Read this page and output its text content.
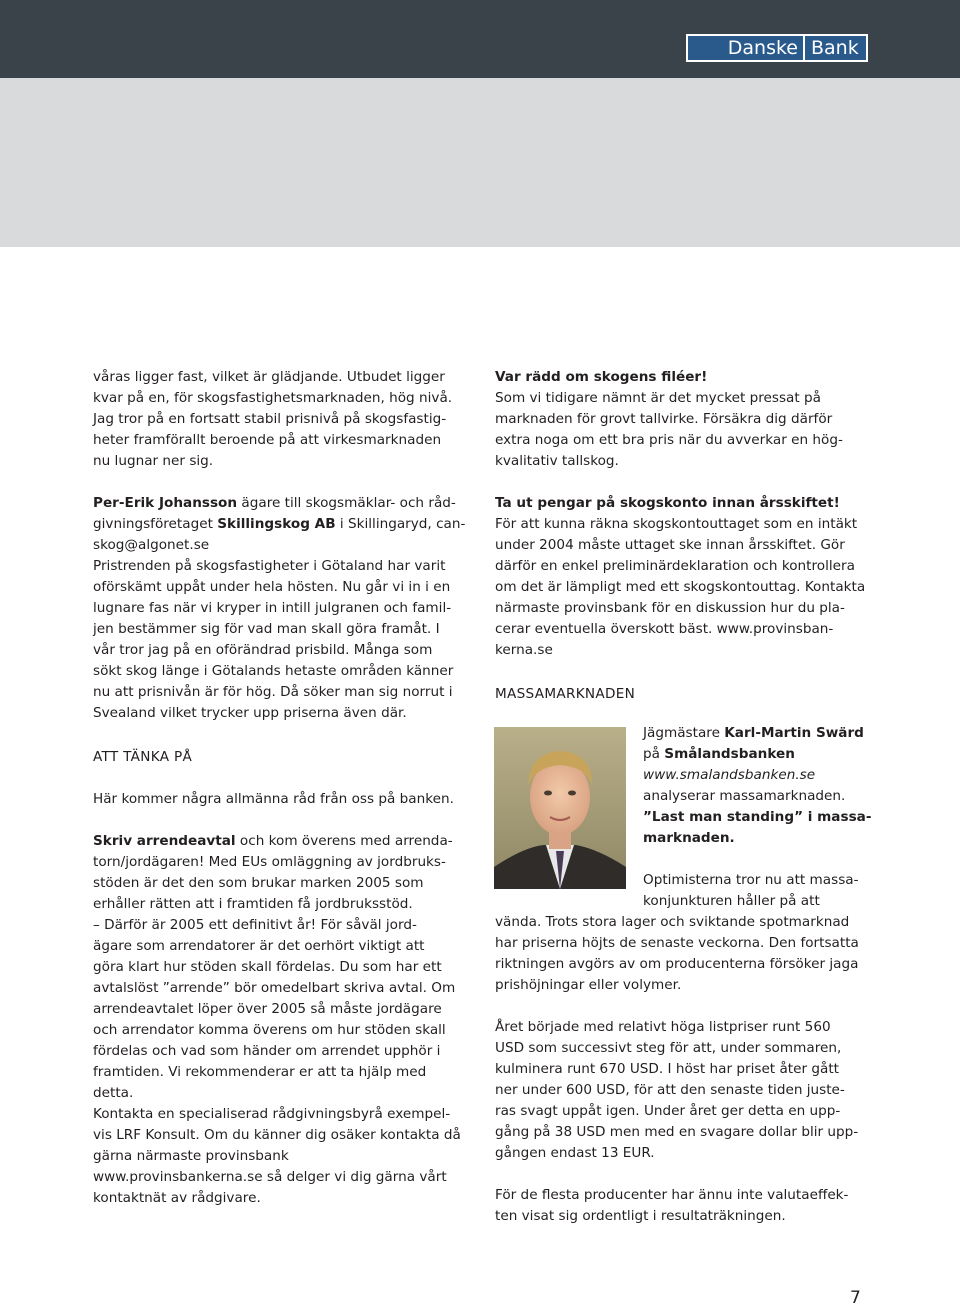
Danske Bank

våras ligger fast, vilket är glädjande. Utbudet ligger
kvar på en, för skogsfastighetsmarknaden, hög nivå.
Jag tror på en fortsatt stabil prisnivå på skogsfastig-
heter framförallt beroende på att virkesmarknaden
nu lugnar ner sig.

Per-Erik Johansson ägare till skogsmäklar- och råd-
givningsföretaget Skillingskog AB i Skillingaryd, can-
skog@algonet.se
Pristrenden på skogsfastigheter i Götaland har varit
oförskämt uppåt under hela hösten. Nu går vi in i en
lugnare fas när vi kryper in intill julgranen och famil-
jen bestämmer sig för vad man skall göra framåt. I
vår tror jag på en oförändrad prisbild. Många som
sökt skog länge i Götalands hetaste områden känner
nu att prisnivån är för hög. Då söker man sig norrut i
Svealand vilket trycker upp priserna även där.

ATT TÄNKA PÅ

Här kommer några allmänna råd från oss på banken.

Skriv arrendeavtal och kom överens med arrenda-
torn/jordägaren! Med EUs omläggning av jordbruks-
stöden är det den som brukar marken 2005 som
erhåller rätten att i framtiden få jordbruksstöd.
– Därför är 2005 ett definitivt år! För såväl jord-
ägare som arrendatorer är det oerhört viktigt att
göra klart hur stöden skall fördelas. Du som har ett
avtalslöst ”arrende” bör omedelbart skriva avtal. Om
arrendeavtalet löper över 2005 så måste jordägare
och arrendator komma överens om hur stöden skall
fördelas och vad som händer om arrendet upphör i
framtiden. Vi rekommenderar er att ta hjälp med
detta.
Kontakta en specialiserad rådgivningsbyrå exempel-
vis LRF Konsult. Om du känner dig osäker kontakta då
gärna närmaste provinsbank
www.provinsbankerna.se så delger vi dig gärna vårt
kontaktnät av rådgivare.

Var rädd om skogens filéer!
Som vi tidigare nämnt är det mycket pressat på
marknaden för grovt tallvirke. Försäkra dig därför
extra noga om ett bra pris när du avverkar en hög-
kvalitativ tallskog.

Ta ut pengar på skogskonto innan årsskiftet!
För att kunna räkna skogskontouttaget som en intäkt
under 2004 måste uttaget ske innan årsskiftet. Gör
därför en enkel preliminärdeklaration och kontrollera
om det är lämpligt med ett skogskontouttag. Kontakta
närmaste provinsbank för en diskussion hur du pla-
cerar eventuella överskott bäst. www.provinsban-
kerna.se

MASSAMARKNADEN

Jägmästare Karl-Martin Swärd
på Smålandsbanken
www.smalandsbanken.se
analyserar massamarknaden.
”Last man standing” i massa-
marknaden.

Optimisterna tror nu att massa-
konjunkturen håller på att

vända. Trots stora lager och sviktande spotmarknad
har priserna höjts de senaste veckorna. Den fortsatta
riktningen avgörs av om producenterna försöker jaga
prishöjningar eller volymer.

Året började med relativt höga listpriser runt 560
USD som successivt steg för att, under sommaren,
kulminera runt 670 USD. I höst har priset åter gått
ner under 600 USD, för att den senaste tiden juste-
ras svagt uppåt igen. Under året ger detta en upp-
gång på 38 USD men med en svagare dollar blir upp-
gången endast 13 EUR.

För de flesta producenter har ännu inte valutaeffek-
ten visat sig ordentligt i resultaträkningen.

7
